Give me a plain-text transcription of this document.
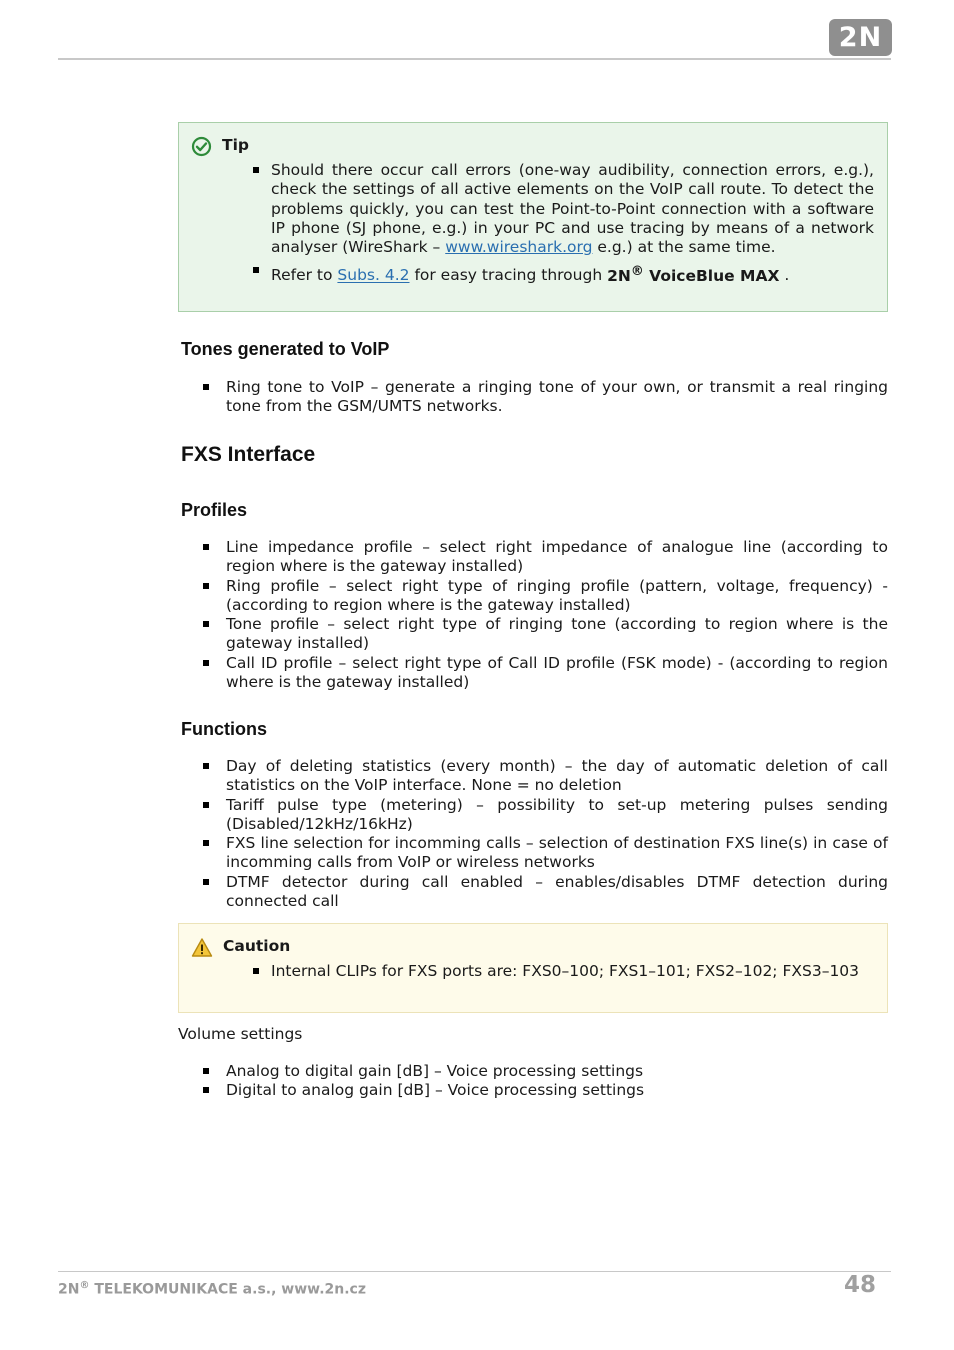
2N
Tip
Should there occur call errors (one-way audibility, connection errors, e.g.), check the settings of all active elements on the VoIP call route. To detect the problems quickly, you can test the Point-to-Point connection with a software IP phone (SJ phone, e.g.) in your PC and use tracing by means of a network analyser (WireShark – www.wireshark.org e.g.) at the same time.
Refer to Subs. 4.2 for easy tracing through 2N® VoiceBlue MAX .
Tones generated to VoIP
Ring tone to VoIP – generate a ringing tone of your own, or transmit a real ringing tone from the GSM/UMTS networks.
FXS Interface
Profiles
Line impedance profile – select right impedance of analogue line (according to region where is the gateway installed)
Ring profile – select right type of ringing profile (pattern, voltage, frequency) - (according to region where is the gateway installed)
Tone profile – select right type of ringing tone (according to region where is the gateway installed)
Call ID profile – select right type of Call ID profile (FSK mode) - (according to region where is the gateway installed)
Functions
Day of deleting statistics (every month) – the day of automatic deletion of call statistics on the VoIP interface. None = no deletion
Tariff pulse type (metering) – possibility to set-up metering pulses sending (Disabled/12kHz/16kHz)
FXS line selection for incomming calls – selection of destination FXS line(s) in case of incomming calls from VoIP or wireless networks
DTMF detector during call enabled – enables/disables DTMF detection during connected call
Caution
Internal CLIPs for FXS ports are: FXS0–100; FXS1–101; FXS2–102; FXS3–103
Volume settings
Analog to digital gain [dB] – Voice processing settings
Digital to analog gain [dB] – Voice processing settings
2N® TELEKOMUNIKACE a.s., www.2n.cz	48
